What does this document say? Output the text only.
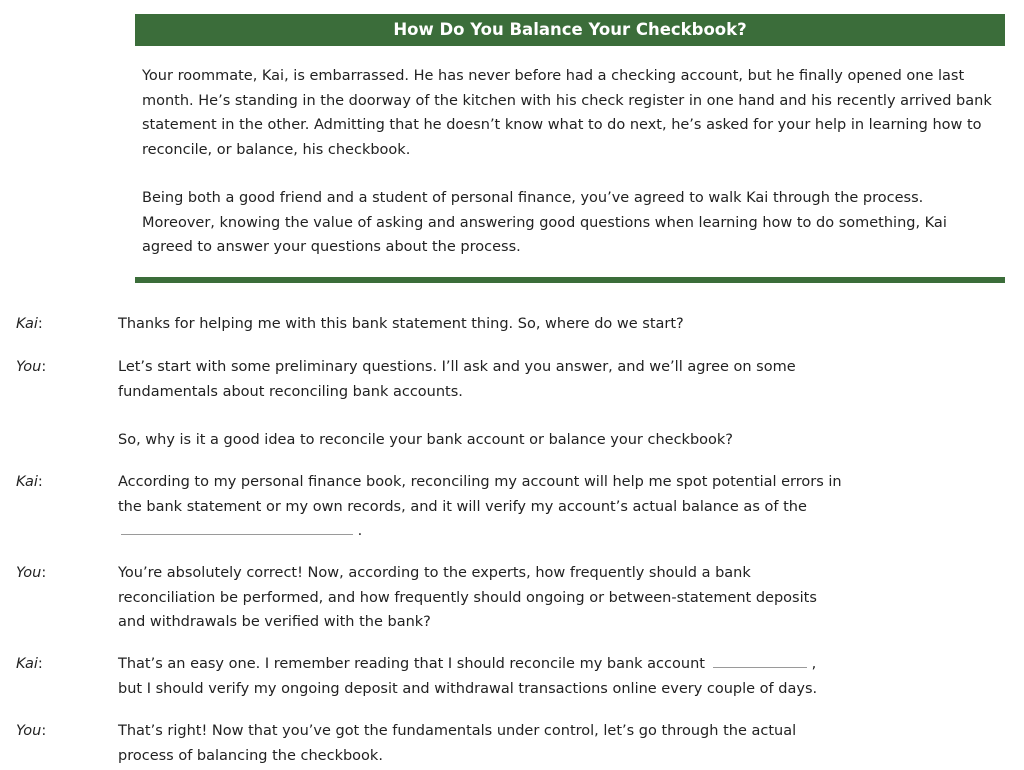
How Do You Balance Your Checkbook?

Your roommate, Kai, is embarrassed. He has never before had a checking account, but he finally opened one last month. He’s standing in the doorway of the kitchen with his check register in one hand and his recently arrived bank statement in the other. Admitting that he doesn’t know what to do next, he’s asked for your help in learning how to reconcile, or balance, his checkbook.

Being both a good friend and a student of personal finance, you’ve agreed to walk Kai through the process. Moreover, knowing the value of asking and answering good questions when learning how to do something, Kai agreed to answer your questions about the process.

Kai:	Thanks for helping me with this bank statement thing. So, where do we start?

You:	Let’s start with some preliminary questions. I’ll ask and you answer, and we’ll agree on some fundamentals about reconciling bank accounts.

So, why is it a good idea to reconcile your bank account or balance your checkbook?

Kai:	According to my personal finance book, reconciling my account will help me spot potential errors in the bank statement or my own records, and it will verify my account’s actual balance as of the

.

You:	You’re absolutely correct! Now, according to the experts, how frequently should a bank reconciliation be performed, and how frequently should ongoing or between-statement deposits and withdrawals be verified with the bank?

Kai:	That’s an easy one. I remember reading that I should reconcile my bank account	,

but I should verify my ongoing deposit and withdrawal transactions online every couple of days.

You:	That’s right! Now that you’ve got the fundamentals under control, let’s go through the actual process of balancing the checkbook.
